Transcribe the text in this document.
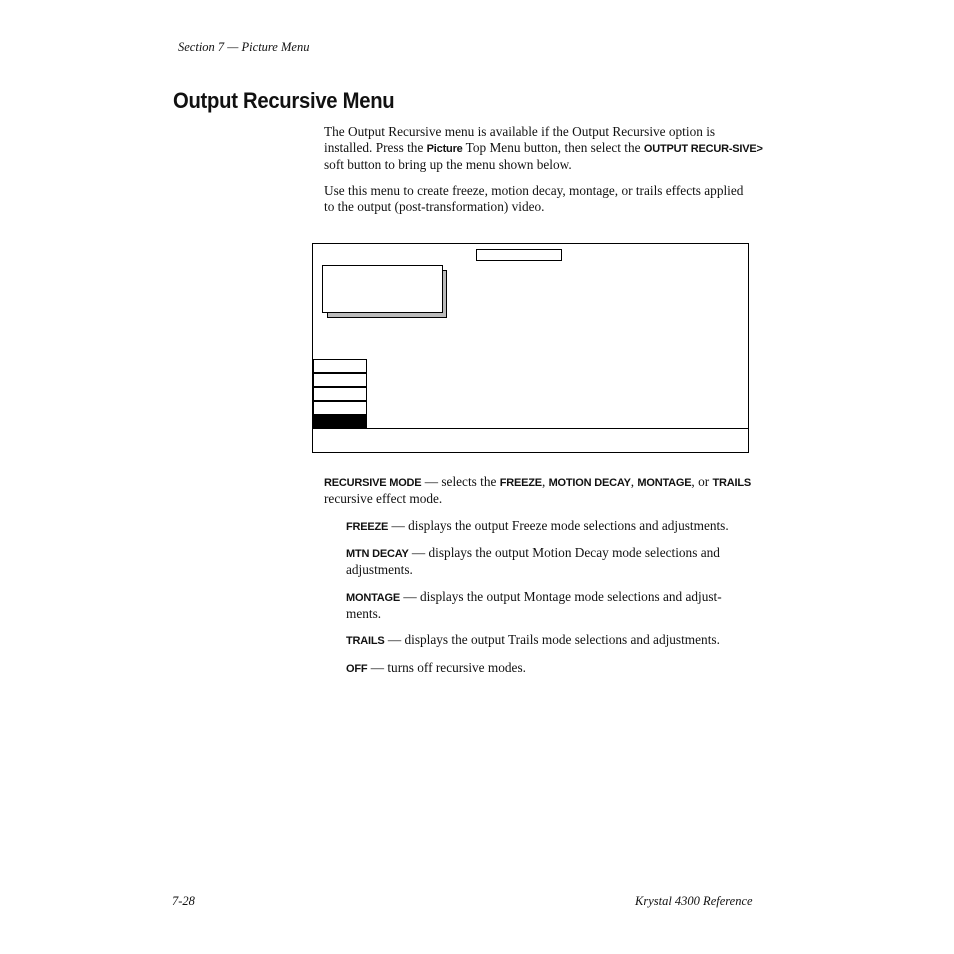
Section 7 — Picture Menu
Output Recursive Menu

The Output Recursive menu is available if the Output Recursive option is installed. Press the Picture Top Menu button, then select the OUTPUT RECUR-SIVE> soft button to bring up the menu shown below.

Use this menu to create freeze, motion decay, montage, or trails effects applied to the output (post-transformation) video.

RECURSIVE MODE — selects the FREEZE, MOTION DECAY, MONTAGE, or TRAILS recursive effect mode.

FREEZE — displays the output Freeze mode selections and adjustments.

MTN DECAY — displays the output Motion Decay mode selections and adjustments.

MONTAGE — displays the output Montage mode selections and adjust-ments.

TRAILS — displays the output Trails mode selections and adjustments.

OFF — turns off recursive modes.

7-28	Krystal 4300 Reference
